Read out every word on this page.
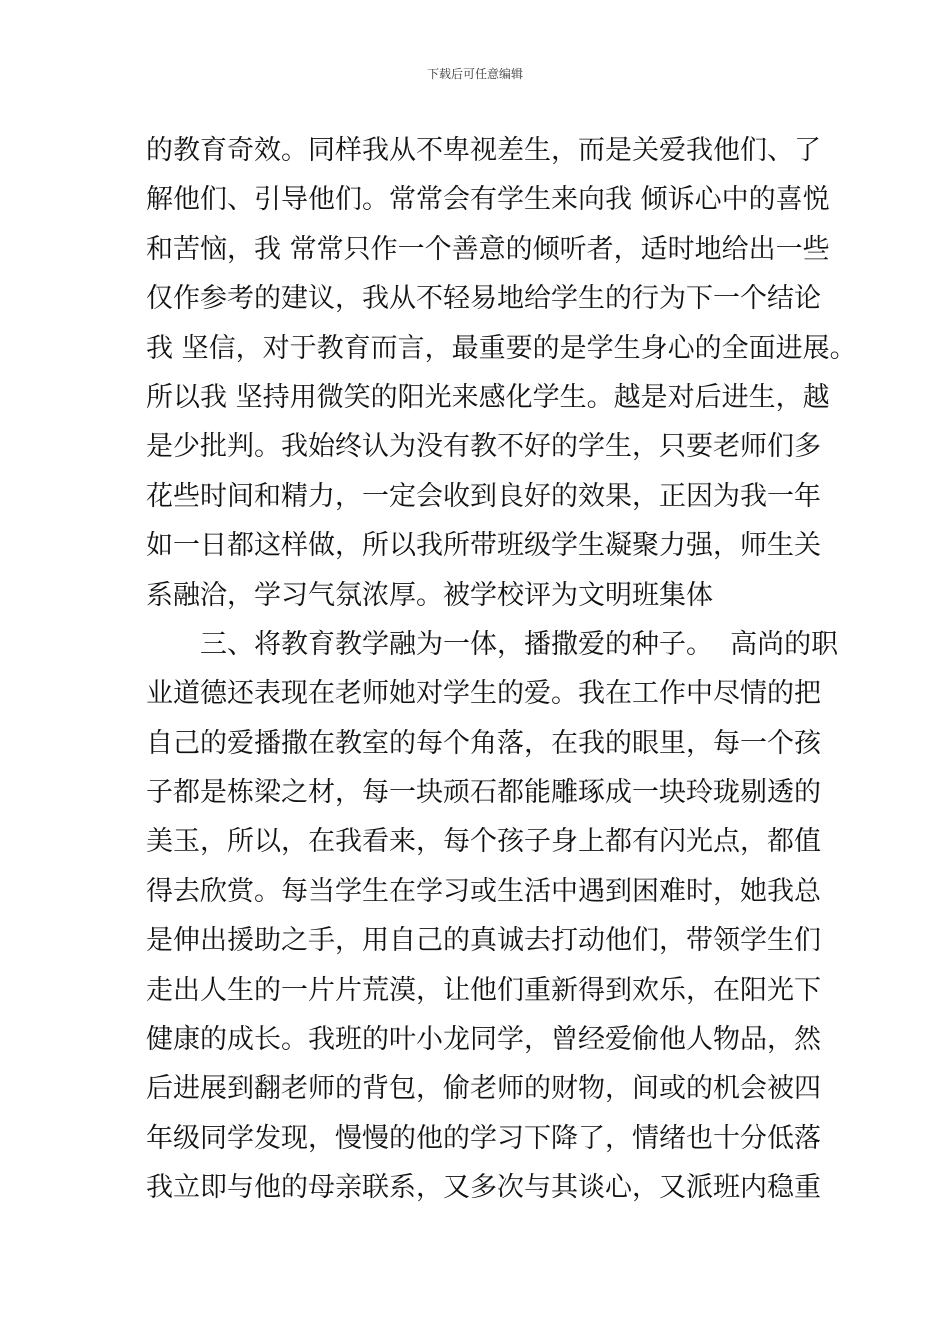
下载后可任意编辑
的教育奇效。同样我从不卑视差生，而是关爱我他们、了
解他们、引导他们。常常会有学生来向我 倾诉心中的喜悦
和苦恼，我 常常只作一个善意的倾听者，适时地给出一些
仅作参考的建议，我从不轻易地给学生的行为下一个结论
我 坚信，对于教育而言，最重要的是学生身心的全面进展。
所以我 坚持用微笑的阳光来感化学生。越是对后进生，越
是少批判。我始终认为没有教不好的学生，只要老师们多
花些时间和精力，一定会收到良好的效果，正因为我一年
如一日都这样做，所以我所带班级学生凝聚力强，师生关
系融洽，学习气氛浓厚。被学校评为文明班集体
三、将教育教学融为一体，播撒爱的种子。  高尚的职
业道德还表现在老师她对学生的爱。我在工作中尽情的把
自己的爱播撒在教室的每个角落，在我的眼里，每一个孩
子都是栋梁之材，每一块顽石都能雕琢成一块玲珑剔透的
美玉，所以，在我看来，每个孩子身上都有闪光点，都值
得去欣赏。每当学生在学习或生活中遇到困难时，她我总
是伸出援助之手，用自己的真诚去打动他们，带领学生们
走出人生的一片片荒漠，让他们重新得到欢乐，在阳光下
健康的成长。我班的叶小龙同学，曾经爱偷他人物品，然
后进展到翻老师的背包，偷老师的财物，间或的机会被四
年级同学发现，慢慢的他的学习下降了，情绪也十分低落
我立即与他的母亲联系，又多次与其谈心，又派班内稳重
